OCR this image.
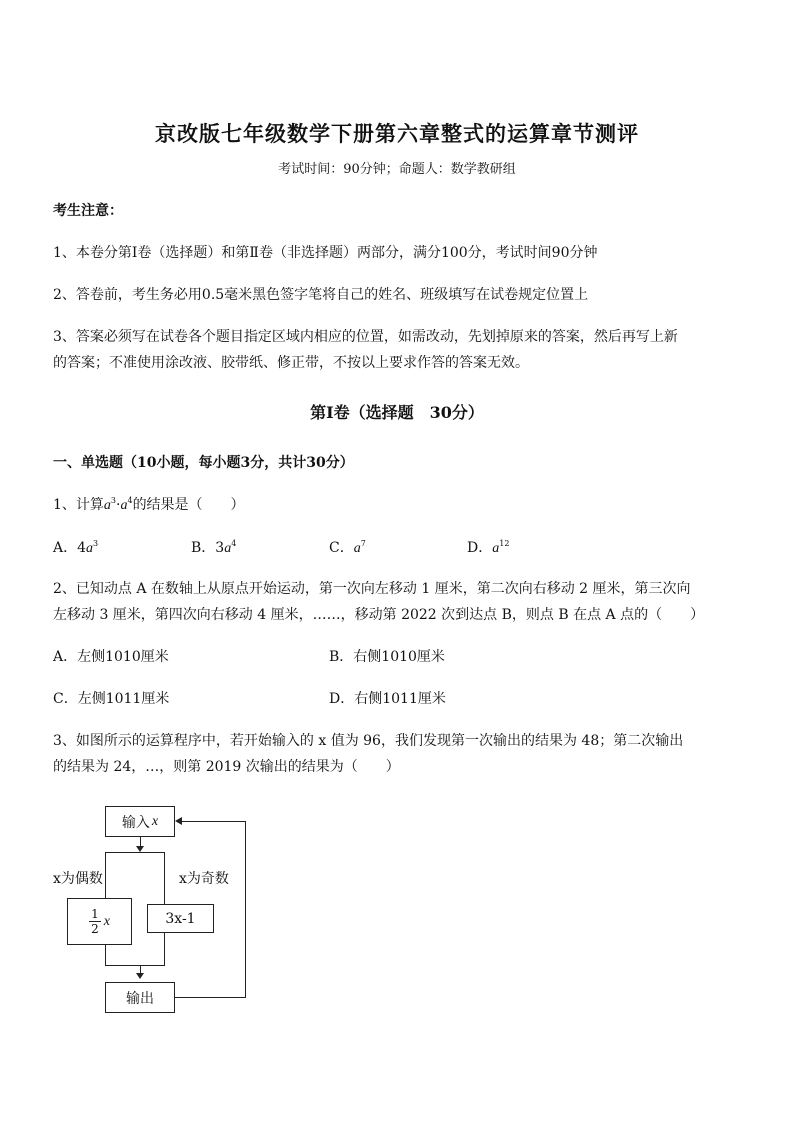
京改版七年级数学下册第六章整式的运算章节测评
考试时间：90分钟；命题人：数学教研组
考生注意：
1、本卷分第Ⅰ卷（选择题）和第Ⅱ卷（非选择题）两部分，满分100分，考试时间90分钟
2、答卷前，考生务必用0.5毫米黑色签字笔将自己的姓名、班级填写在试卷规定位置上
3、答案必须写在试卷各个题目指定区域内相应的位置，如需改动，先划掉原来的答案，然后再写上新
的答案；不准使用涂改液、胶带纸、修正带，不按以上要求作答的答案无效。
第Ⅰ卷（选择题　30分）
一、单选题（10小题，每小题3分，共计30分）
1、计算$a^3\cdot a^4$的结果是（　　）
A．$4a^3$	B．$3a^4$	C．$a^7$	D．$a^{12}$
2、已知动点 A 在数轴上从原点开始运动，第一次向左移动 1 厘米，第二次向右移动 2 厘米，第三次向
左移动 3 厘米，第四次向右移动 4 厘米，……，移动第 2022 次到达点 B，则点 B 在点 A 点的（　　）
A．左侧1010厘米	B．右侧1010厘米
C．左侧1011厘米	D．右侧1011厘米
3、如图所示的运算程序中，若开始输入的 x 值为 96，我们发现第一次输出的结果为 48；第二次输出
的结果为 24，…，则第 2019 次输出的结果为（　　）
输入 x
x为偶数	x为奇数
$\frac{1}{2}$ x	3x-1
输出
